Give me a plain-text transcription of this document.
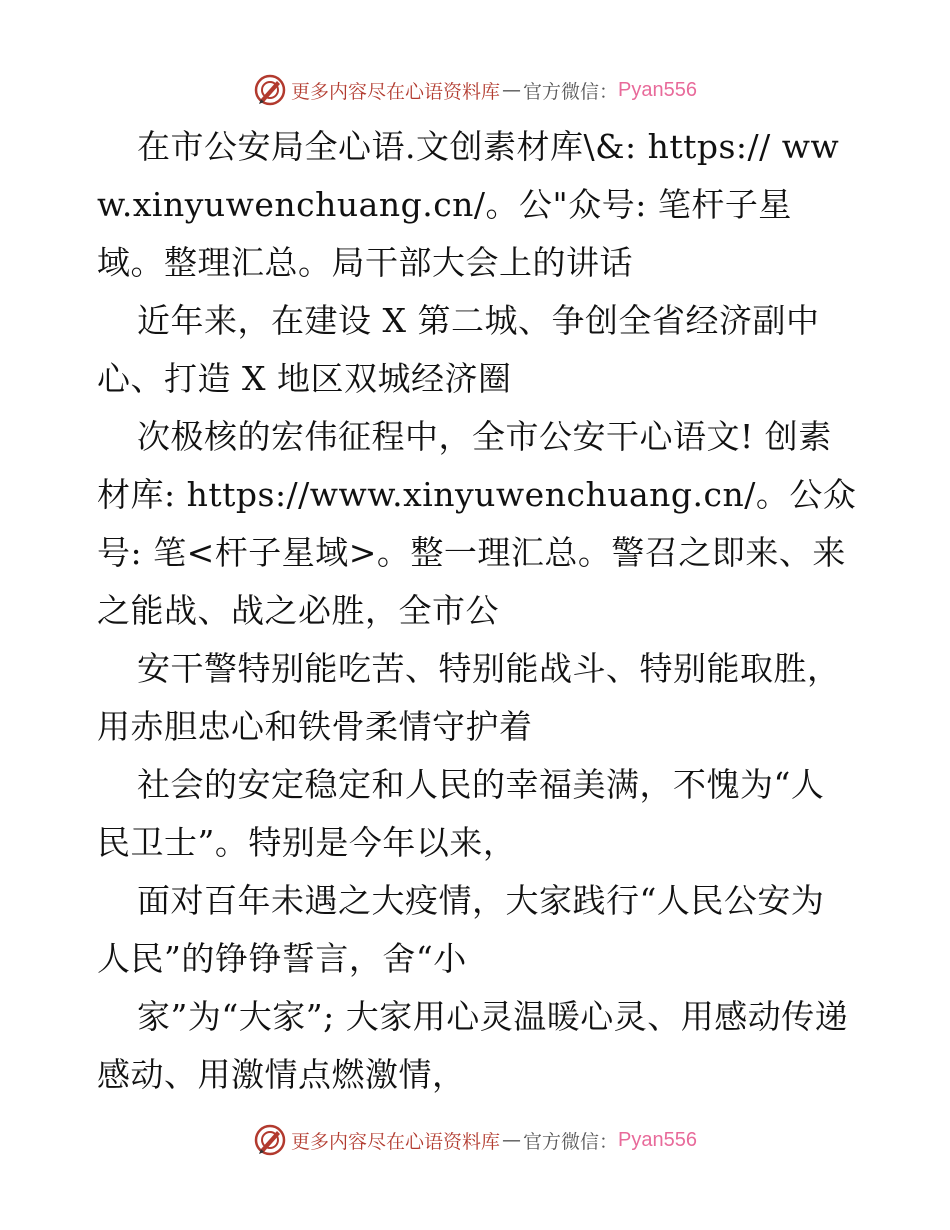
更多内容尽在心语资料库 — 官方微信： Pyan556

在市公安局全心语.文创素材库\&: https:// www.xinyuwenchuang.cn/。公"众号: 笔杆子星域。整理汇总。局干部大会上的讲话

近年来，在建设 X 第二城、争创全省经济副中心、打造 X 地区双城经济圈

次极核的宏伟征程中，全市公安干心语文! 创素材库: https://www.xinyuwenchuang.cn/。公众号: 笔<杆子星域>。整一理汇总。警召之即来、来之能战、战之必胜，全市公

安干警特别能吃苦、特别能战斗、特别能取胜，用赤胆忠心和铁骨柔情守护着

社会的安定稳定和人民的幸福美满，不愧为“人民卫士”。特别是今年以来，

面对百年未遇之大疫情，大家践行“人民公安为人民”的铮铮誓言，舍“小

家”为“大家”; 大家用心灵温暖心灵、用感动传递感动、用激情点燃激情，

更多内容尽在心语资料库 — 官方微信： Pyan556
